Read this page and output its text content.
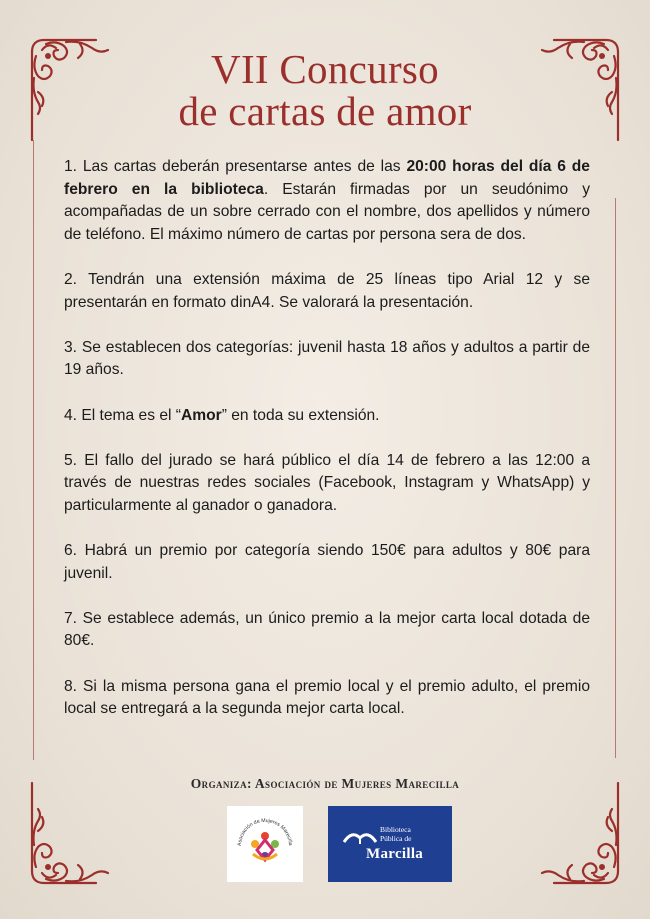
VII Concurso
de cartas de amor

1. Las cartas deberán presentarse antes de las 20:00 horas del día 6 de febrero en la biblioteca. Estarán firmadas por un seudónimo y acompañadas de un sobre cerrado con el nombre, dos apellidos y número de teléfono. El máximo número de cartas por persona sera de dos.

2. Tendrán una extensión máxima de 25 líneas tipo Arial 12 y se presentarán en formato dinA4. Se valorará la presentación.

3. Se establecen dos categorías: juvenil hasta 18 años y adultos a partir de 19 años.

4. El tema es el “Amor” en toda su extensión.

5. El fallo del jurado se hará público el día 14 de febrero a las 12:00 a través de nuestras redes sociales (Facebook, Instagram y WhatsApp) y particularmente al ganador o ganadora.

6. Habrá un premio por categoría siendo 150€ para adultos y 80€ para juvenil.

7. Se establece además, un único premio a la mejor carta local dotada de 80€.

8. Si la misma persona gana el premio local y el premio adulto, el premio local se entregará a la segunda mejor carta local.

Organiza: Asociación de Mujeres Marecilla
Asociación de Mujeres Marecilla
Biblioteca
Pública de
Marcilla
